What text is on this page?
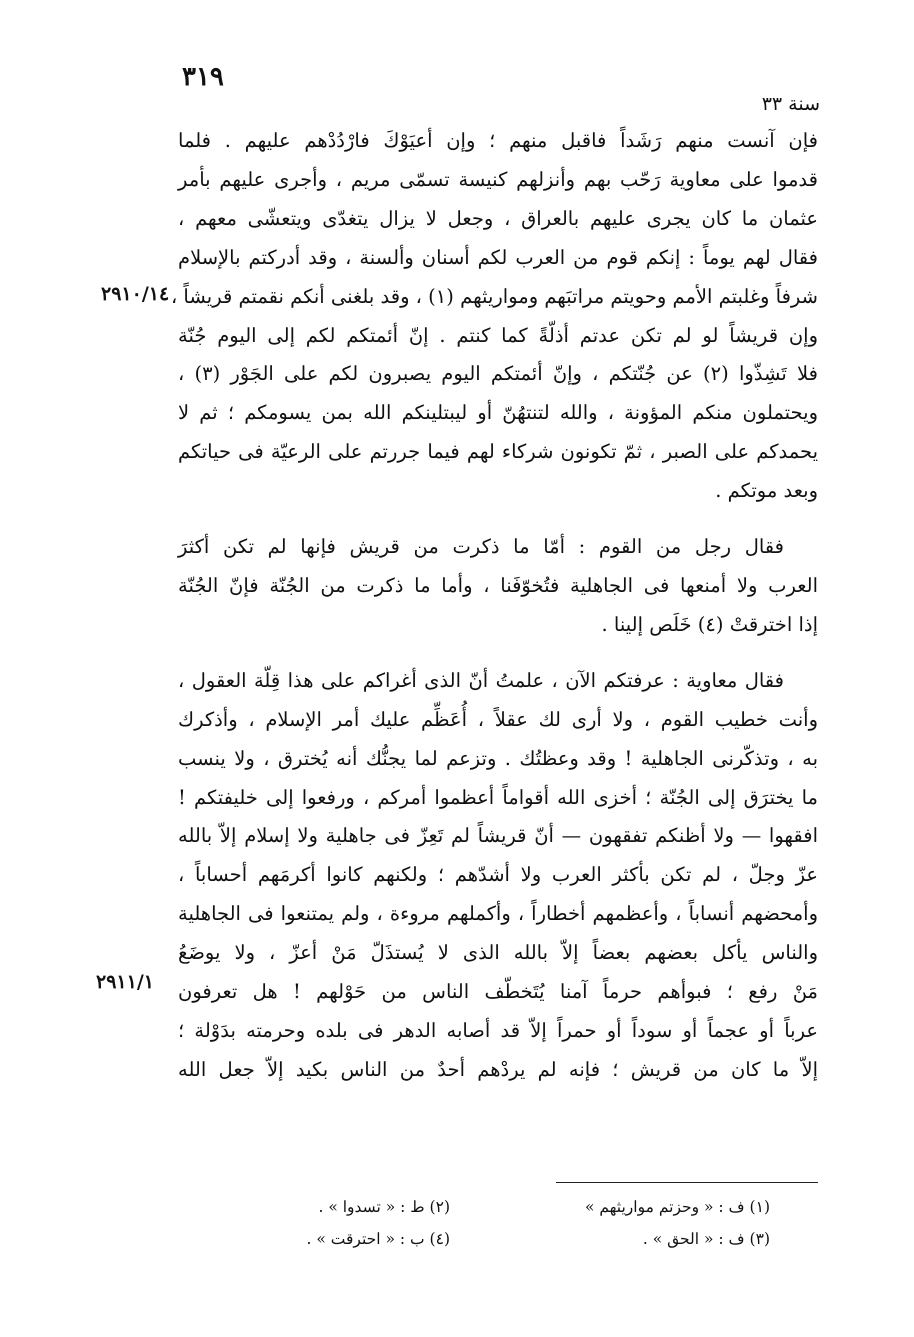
٣١٩
سنة ٣٣
٢٩١٠/١٤
٢٩١١/١
فإن آنست منهم رَشَداً فاقبل منهم ؛ وإن أعيَوْكَ فارْدُدْهم عليهم . فلما
قدموا على معاوية رَحّب بهم وأنزلهم كنيسة تسمّى مريم ، وأجرى عليهم بأمر
عثمان ما كان يجرى عليهم بالعراق ، وجعل لا يزال يتغدّى ويتعشّى معهم ،
فقال لهم يوماً : إنكم قوم من العرب لكم أسنان وألسنة ، وقد أدركتم بالإسلام
شرفاً وغلبتم الأمم وحويتم مراتبَهم ومواريثهم (١) ، وقد بلغنى أنكم نقمتم قريشاً ،
وإن قريشاً لو لم تكن عدتم أذلّةً كما كنتم . إنّ أئمتكم لكم إلى اليوم جُنّة
فلا تَشِذّوا (٢) عن جُنّتكم ، وإنّ أئمتكم اليوم يصبرون لكم على الجَوْر (٣) ،
ويحتملون منكم المؤونة ، والله لتنتهُنّ أو ليبتلينكم الله بمن يسومكم ؛ ثم لا
يحمدكم على الصبر ، ثمّ تكونون شركاء لهم فيما جررتم على الرعيّة فى حياتكم
وبعد موتكم .
فقال رجل من القوم : أمّا ما ذكرت من قريش فإنها لم تكن أكثرَ
العرب ولا أمنعها فى الجاهلية فتُخوّفَنا ، وأما ما ذكرت من الجُنّة فإنّ الجُنّة
إذا اخترقتْ (٤) خَلَص إلينا .
فقال معاوية : عرفتكم الآن ، علمتُ أنّ الذى أغراكم على هذا قِلّة العقول ،
وأنت خطيب القوم ، ولا أرى لك عقلاً ، أُعَظِّم عليك أمر الإسلام ، وأذكرك
به ، وتذكّرنى الجاهلية ! وقد وعظتُك . وتزعم لما يجنُّك أنه يُخترق ، ولا ينسب
ما يخترَق إلى الجُنّة ؛ أخزى الله أقواماً أعظموا أمركم ، ورفعوا إلى خليفتكم !
افقهوا — ولا أظنكم تفقهون — أنّ قريشاً لم تَعِزّ فى جاهلية ولا إسلام إلاّ بالله
عزّ وجلّ ، لم تكن بأكثر العرب ولا أشدّهم ؛ ولكنهم كانوا أكرمَهم أحساباً ،
وأمحضهم أنساباً ، وأعظمهم أخطاراً ، وأكملهم مروءة ، ولم يمتنعوا فى الجاهلية
والناس يأكل بعضهم بعضاً إلاّ بالله الذى لا يُستذَلّ مَنْ أعزّ ، ولا يوضَعُ
مَنْ رفع ؛ فبوأهم حرماً آمنا يُتَخطّف الناس من حَوْلهم ! هل تعرفون
عرباً أو عجماً أو سوداً أو حمراً إلاّ قد أصابه الدهر فى بلده وحرمته بدَوْلة ؛
إلاّ ما كان من قريش ؛ فإنه لم يردْهم أحدٌ من الناس بكيد إلاّ جعل الله
(١) ف : « وحزتم مواريثهم »
(٢) ط : « تسدوا » .
(٣) ف : « الحق » .
(٤) ب : « احترقت » .
